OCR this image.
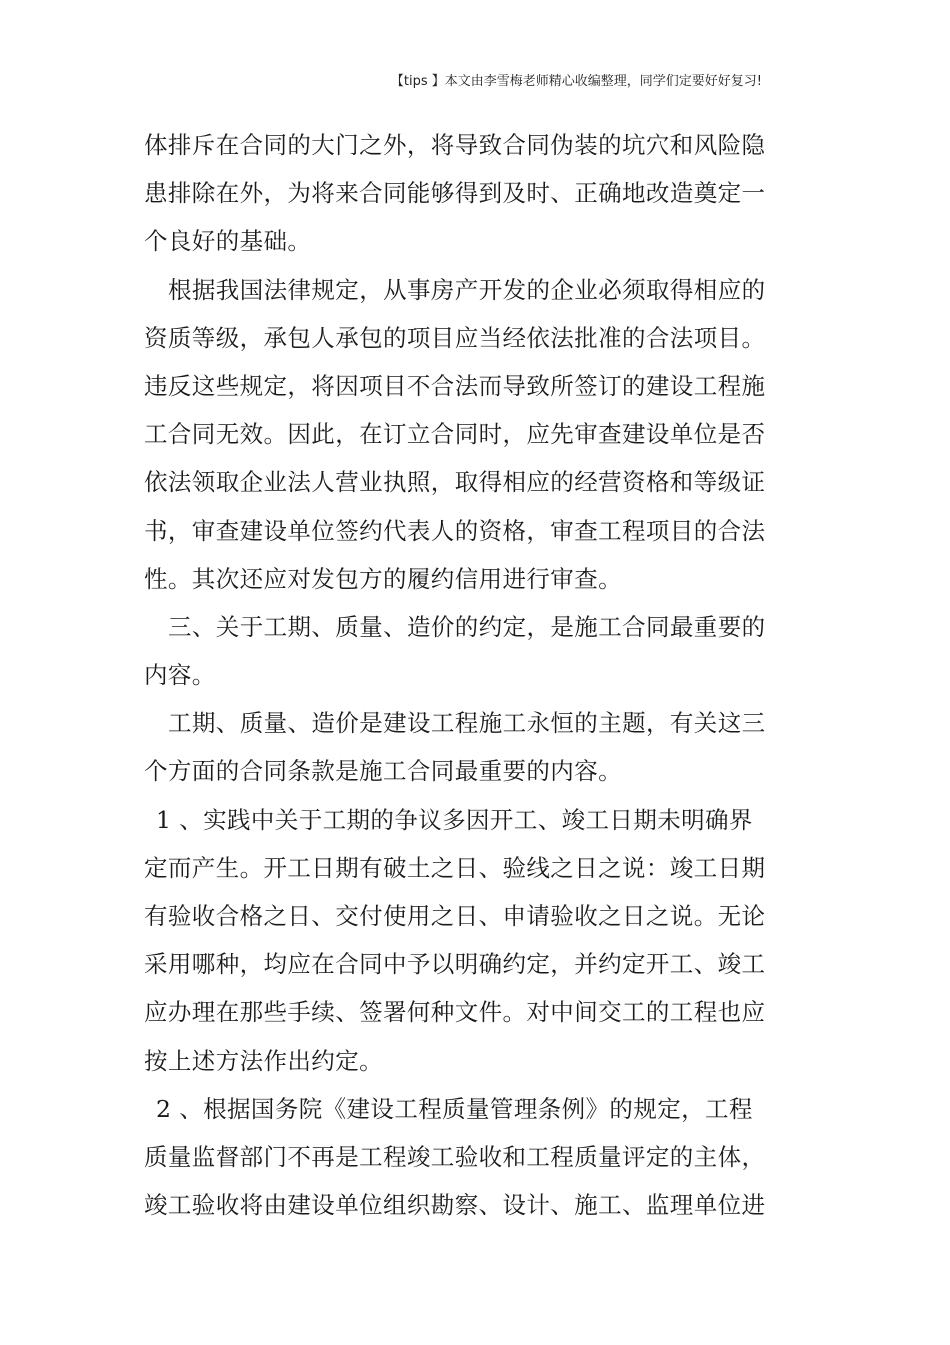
【tips 】本文由李雪梅老师精心收编整理，同学们定要好好复习!
体排斥在合同的大门之外，将导致合同伪装的坑穴和风险隐
患排除在外，为将来合同能够得到及时、正确地改造奠定一
个良好的基础。
根据我国法律规定，从事房产开发的企业必须取得相应的
资质等级，承包人承包的项目应当经依法批准的合法项目。
违反这些规定，将因项目不合法而导致所签订的建设工程施
工合同无效。因此，在订立合同时，应先审查建设单位是否
依法领取企业法人营业执照，取得相应的经营资格和等级证
书，审查建设单位签约代表人的资格，审查工程项目的合法
性。其次还应对发包方的履约信用进行审查。
三、关于工期、质量、造价的约定，是施工合同最重要的
内容。
工期、质量、造价是建设工程施工永恒的主题，有关这三
个方面的合同条款是施工合同最重要的内容。
1 、实践中关于工期的争议多因开工、竣工日期未明确界
定而产生。开工日期有破土之日、验线之日之说：竣工日期
有验收合格之日、交付使用之日、申请验收之日之说。无论
采用哪种，均应在合同中予以明确约定，并约定开工、竣工
应办理在那些手续、签署何种文件。对中间交工的工程也应
按上述方法作出约定。
2 、根据国务院《建设工程质量管理条例》的规定，工程
质量监督部门不再是工程竣工验收和工程质量评定的主体，
竣工验收将由建设单位组织勘察、设计、施工、监理单位进
